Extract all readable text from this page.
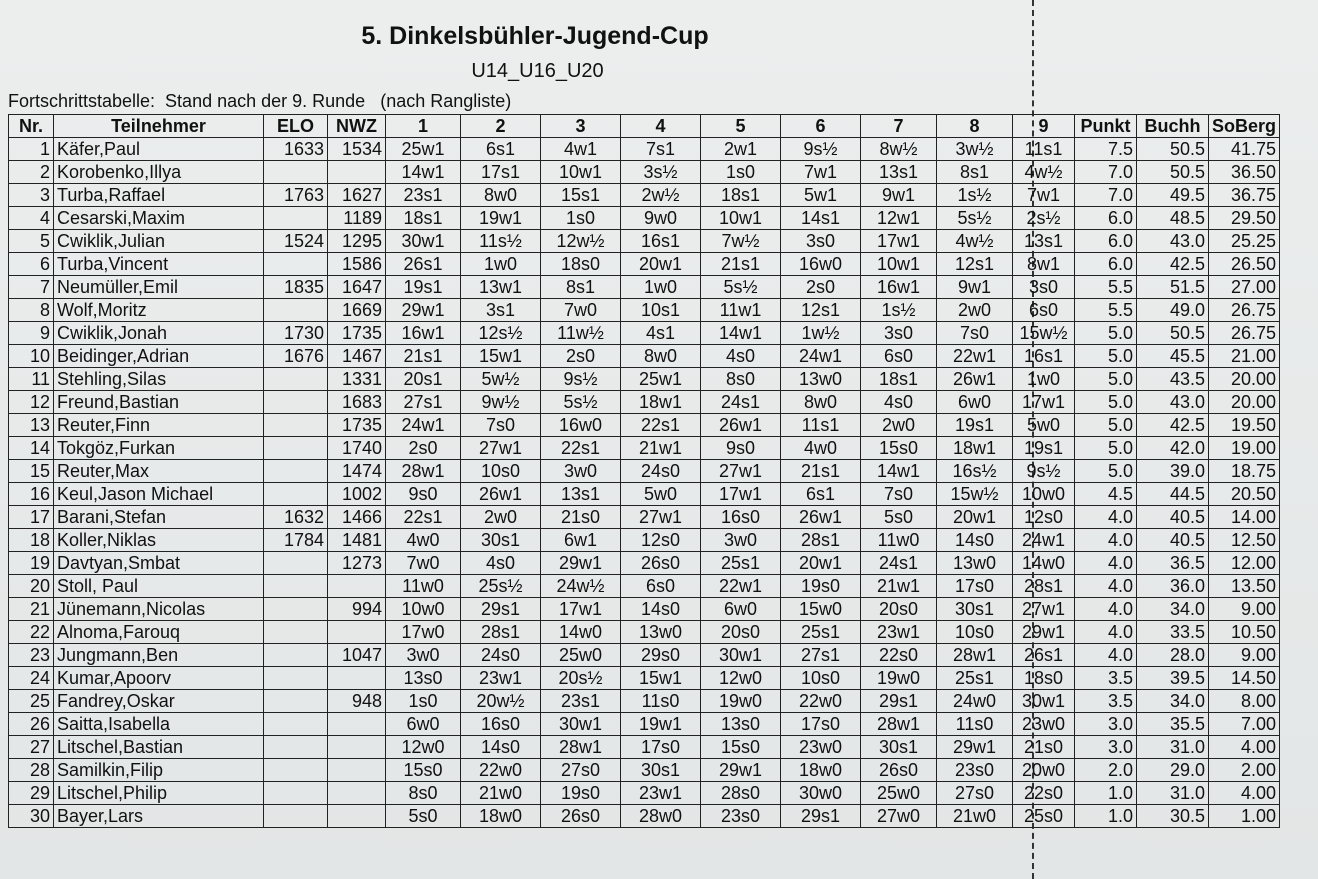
5. Dinkelsbühler-Jugend-Cup
U14_U16_U20
Fortschrittstabelle:  Stand nach der 9. Runde   (nach Rangliste)
Nr.	Teilnehmer	ELO	NWZ	1	2	3	4	5	6	7	8	9	Punkt	Buchh	SoBerg
1	Käfer,Paul	1633	1534	25w1	6s1	4w1	7s1	2w1	9s½	8w½	3w½	11s1	7.5	50.5	41.75
2	Korobenko,Illya			14w1	17s1	10w1	3s½	1s0	7w1	13s1	8s1	4w½	7.0	50.5	36.50
3	Turba,Raffael	1763	1627	23s1	8w0	15s1	2w½	18s1	5w1	9w1	1s½	7w1	7.0	49.5	36.75
4	Cesarski,Maxim		1189	18s1	19w1	1s0	9w0	10w1	14s1	12w1	5s½	2s½	6.0	48.5	29.50
5	Cwiklik,Julian	1524	1295	30w1	11s½	12w½	16s1	7w½	3s0	17w1	4w½	13s1	6.0	43.0	25.25
6	Turba,Vincent		1586	26s1	1w0	18s0	20w1	21s1	16w0	10w1	12s1	8w1	6.0	42.5	26.50
7	Neumüller,Emil	1835	1647	19s1	13w1	8s1	1w0	5s½	2s0	16w1	9w1	3s0	5.5	51.5	27.00
8	Wolf,Moritz		1669	29w1	3s1	7w0	10s1	11w1	12s1	1s½	2w0	6s0	5.5	49.0	26.75
9	Cwiklik,Jonah	1730	1735	16w1	12s½	11w½	4s1	14w1	1w½	3s0	7s0	15w½	5.0	50.5	26.75
10	Beidinger,Adrian	1676	1467	21s1	15w1	2s0	8w0	4s0	24w1	6s0	22w1	16s1	5.0	45.5	21.00
11	Stehling,Silas		1331	20s1	5w½	9s½	25w1	8s0	13w0	18s1	26w1	1w0	5.0	43.5	20.00
12	Freund,Bastian		1683	27s1	9w½	5s½	18w1	24s1	8w0	4s0	6w0	17w1	5.0	43.0	20.00
13	Reuter,Finn		1735	24w1	7s0	16w0	22s1	26w1	11s1	2w0	19s1	5w0	5.0	42.5	19.50
14	Tokgöz,Furkan		1740	2s0	27w1	22s1	21w1	9s0	4w0	15s0	18w1	19s1	5.0	42.0	19.00
15	Reuter,Max		1474	28w1	10s0	3w0	24s0	27w1	21s1	14w1	16s½	9s½	5.0	39.0	18.75
16	Keul,Jason Michael		1002	9s0	26w1	13s1	5w0	17w1	6s1	7s0	15w½	10w0	4.5	44.5	20.50
17	Barani,Stefan	1632	1466	22s1	2w0	21s0	27w1	16s0	26w1	5s0	20w1	12s0	4.0	40.5	14.00
18	Koller,Niklas	1784	1481	4w0	30s1	6w1	12s0	3w0	28s1	11w0	14s0	24w1	4.0	40.5	12.50
19	Davtyan,Smbat		1273	7w0	4s0	29w1	26s0	25s1	20w1	24s1	13w0	14w0	4.0	36.5	12.00
20	Stoll, Paul			11w0	25s½	24w½	6s0	22w1	19s0	21w1	17s0	28s1	4.0	36.0	13.50
21	Jünemann,Nicolas		994	10w0	29s1	17w1	14s0	6w0	15w0	20s0	30s1	27w1	4.0	34.0	9.00
22	Alnoma,Farouq			17w0	28s1	14w0	13w0	20s0	25s1	23w1	10s0	29w1	4.0	33.5	10.50
23	Jungmann,Ben		1047	3w0	24s0	25w0	29s0	30w1	27s1	22s0	28w1	26s1	4.0	28.0	9.00
24	Kumar,Apoorv			13s0	23w1	20s½	15w1	12w0	10s0	19w0	25s1	18s0	3.5	39.5	14.50
25	Fandrey,Oskar		948	1s0	20w½	23s1	11s0	19w0	22w0	29s1	24w0	30w1	3.5	34.0	8.00
26	Saitta,Isabella			6w0	16s0	30w1	19w1	13s0	17s0	28w1	11s0	23w0	3.0	35.5	7.00
27	Litschel,Bastian			12w0	14s0	28w1	17s0	15s0	23w0	30s1	29w1	21s0	3.0	31.0	4.00
28	Samilkin,Filip			15s0	22w0	27s0	30s1	29w1	18w0	26s0	23s0	20w0	2.0	29.0	2.00
29	Litschel,Philip			8s0	21w0	19s0	23w1	28s0	30w0	25w0	27s0	22s0	1.0	31.0	4.00
30	Bayer,Lars			5s0	18w0	26s0	28w0	23s0	29s1	27w0	21w0	25s0	1.0	30.5	1.00
